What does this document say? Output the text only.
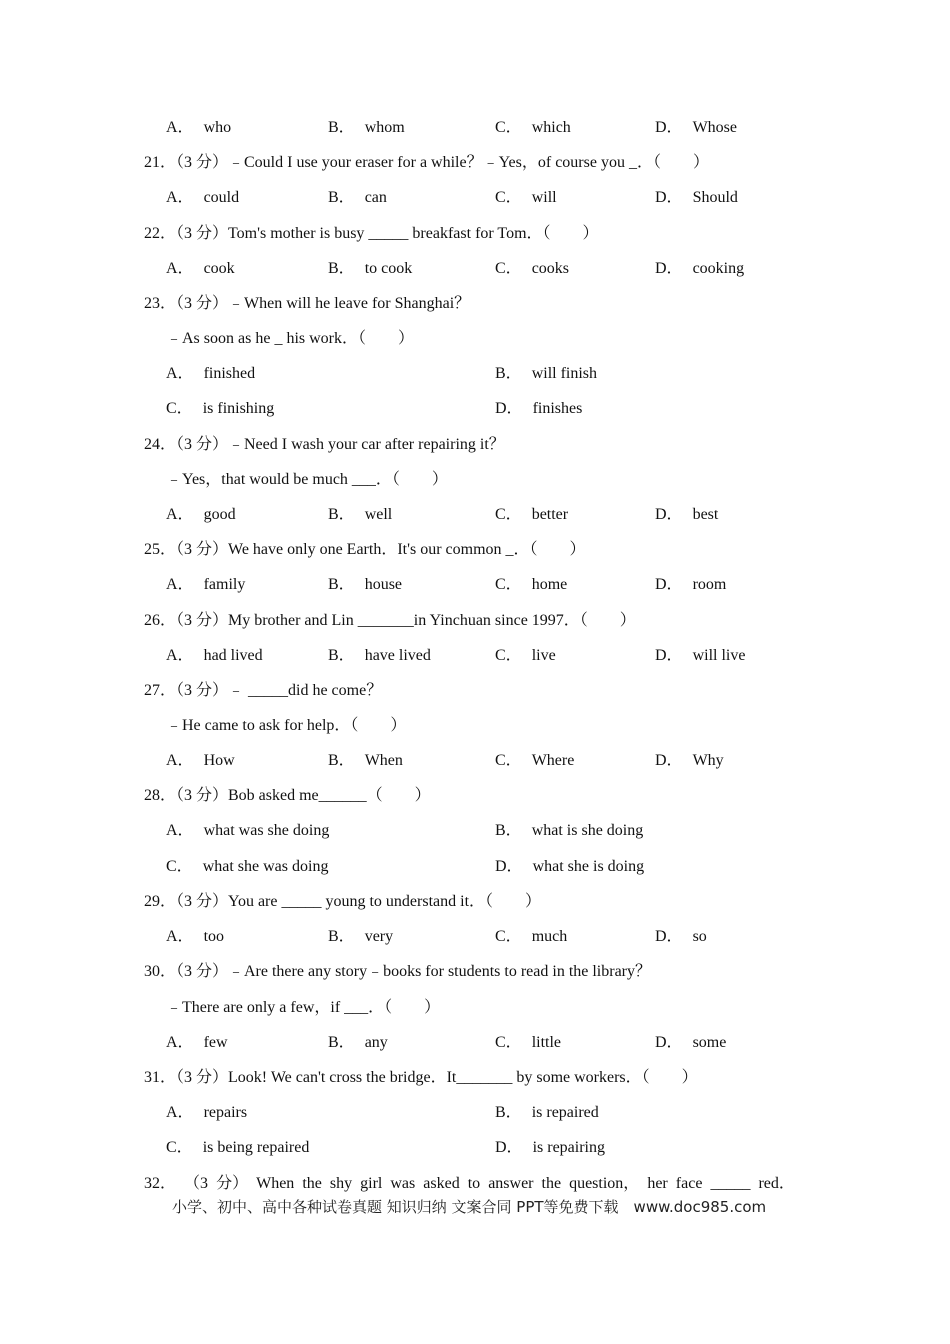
A． who	B． whom	C． which	D． Whose
21．（3 分）﹣Could I use your eraser for a while？﹣Yes，of course you _．（　　）
A． could	B． can	C． will	D． Should
22．（3 分）Tom's mother is busy _____ breakfast for Tom．（　　）
A． cook	B． to cook	C． cooks	D． cooking
23．（3 分）﹣When will he leave for Shanghai？
﹣As soon as he _ his work．（　　）
A． finished	B． will finish
C． is finishing	D． finishes
24．（3 分）﹣Need I wash your car after repairing it？
﹣Yes，that would be much ___．（　　）
A． good	B． well	C． better	D． best
25．（3 分）We have only one Earth．It's our common _．（　　）
A． family	B． house	C． home	D． room
26．（3 分）My brother and Lin _______in Yinchuan since 1997．（　　）
A． had lived	B． have lived	C． live	D． will live
27．（3 分）﹣ _____did he come？
﹣He came to ask for help．（　　）
A． How	B． When	C． Where	D． Why
28．（3 分）Bob asked me______（　　）
A． what was she doing	B． what is she doing
C． what she was doing	D． what she is doing
29．（3 分）You are _____ young to understand it．（　　）
A． too	B． very	C． much	D． so
30．（3 分）﹣Are there any story﹣books for students to read in the library？
﹣There are only a few，if ___．（　　）
A． few	B． any	C． little	D． some
31．（3 分）Look! We can't cross the bridge．It_______ by some workers．（　　）
A． repairs	B． is repaired
C． is being repaired	D． is repairing
32． （3 分） When the shy girl was asked to answer the question， her face _____ red．
小学、初中、高中各种试卷真题 知识归纳 文案合同 PPT等免费下载　www.doc985.com
